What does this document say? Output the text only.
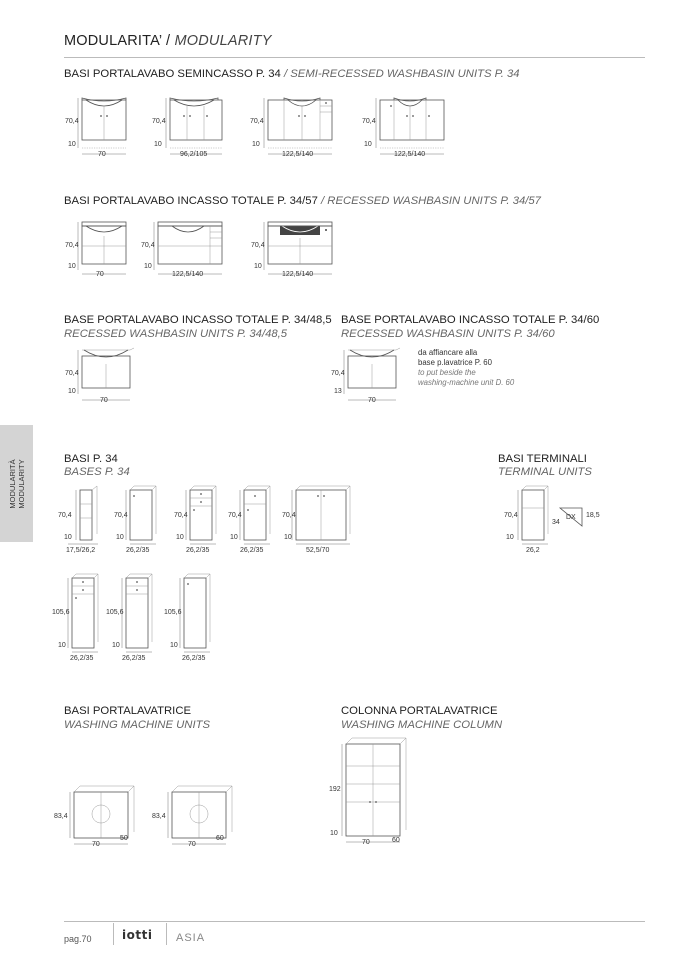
MODULARITA’ / MODULARITY
MODULARITÀ MODULARITY
BASI PORTALAVABO SEMINCASSO P. 34 / SEMI-RECESSED WASHBASIN UNITS P. 34
70,4
10
70
70,4
10
96,2/105
70,4
10
122,5/140
70,4
10
122,5/140
BASI PORTALAVABO INCASSO TOTALE P. 34/57 / RECESSED WASHBASIN UNITS P. 34/57
70,4
10
70
70,4
10
122,5/140
70,4
10
122,5/140
BASE PORTALAVABO INCASSO TOTALE P. 34/48,5
RECESSED WASHBASIN UNITS P. 34/48,5
70,4
10
70
BASE PORTALAVABO INCASSO TOTALE P. 34/60
RECESSED WASHBASIN UNITS P. 34/60
70,4
13
70
da affiancare alla
base p.lavatrice P. 60
to put beside the
washing-machine unit D. 60
BASI P. 34
BASES P. 34
70,4
10
17,5/26,2
70,4
10
26,2/35
70,4
10
26,2/35
70,4
10
26,2/35
70,4
10
52,5/70
105,6
10
26,2/35
105,6
10
26,2/35
105,6
10
26,2/35
BASI TERMINALI
TERMINAL UNITS
70,4
10
26,2
34
DX 18,5
BASI PORTALAVATRICE
WASHING MACHINE UNITS
83,4
70
50
83,4
70
60
COLONNA PORTALAVATRICE
WASHING MACHINE COLUMN
192
10
70	60
pag.70	iotti ASIA
